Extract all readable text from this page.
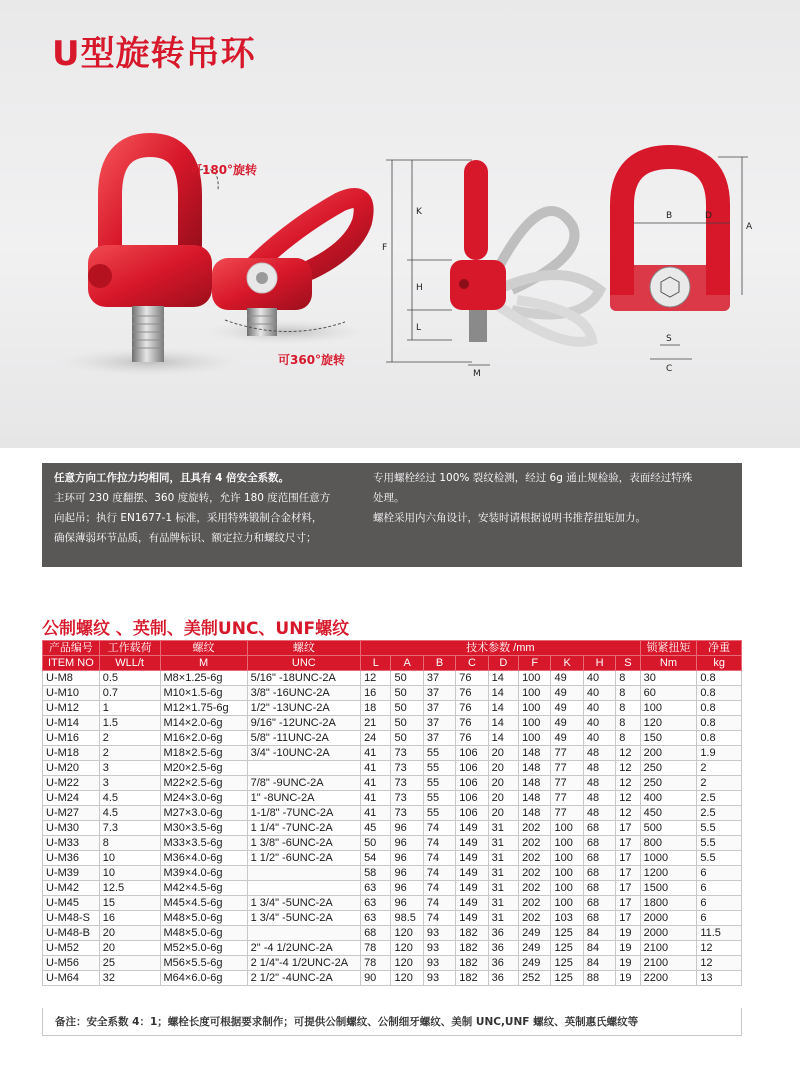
U型旋转吊环
可180°旋转
可360°旋转
K
F
H
L
M
B	D
A
S
C

任意方向工作拉力均相同，且具有 4 倍安全系数。

主环可 230 度翻摆、360 度旋转，允许 180 度范围任意方

向起吊；执行 EN1677-1 标准，采用特殊锻制合金材料，

确保薄弱环节品质，有品牌标识、额定拉力和螺纹尺寸；

专用螺栓经过 100% 裂纹检测，经过 6g 通止规检验，表面经过特殊

处理。

螺栓采用内六角设计，安装时请根据说明书推荐扭矩加力。

公制螺纹 、英制、美制UNC、UNF螺纹
产品编号	工作载荷	螺纹	螺纹	技术参数 /mm									锁紧扭矩	净重
ITEM NO	WLL/t	M	UNC	L	A	B	C	D	F	K	H	S	Nm	kg
U-M8	0.5	M8×1.25-6g	5/16" -18UNC-2A	12	50	37	76	14	100	49	40	8	30	0.8
U-M10	0.7	M10×1.5-6g	3/8" -16UNC-2A	16	50	37	76	14	100	49	40	8	60	0.8
U-M12	1	M12×1.75-6g	1/2" -13UNC-2A	18	50	37	76	14	100	49	40	8	100	0.8
U-M14	1.5	M14×2.0-6g	9/16" -12UNC-2A	21	50	37	76	14	100	49	40	8	120	0.8
U-M16	2	M16×2.0-6g	5/8" -11UNC-2A	24	50	37	76	14	100	49	40	8	150	0.8
U-M18	2	M18×2.5-6g	3/4" -10UNC-2A	41	73	55	106	20	148	77	48	12	200	1.9
U-M20	3	M20×2.5-6g		41	73	55	106	20	148	77	48	12	250	2
U-M22	3	M22×2.5-6g	7/8" -9UNC-2A	41	73	55	106	20	148	77	48	12	250	2
U-M24	4.5	M24×3.0-6g	1" -8UNC-2A	41	73	55	106	20	148	77	48	12	400	2.5
U-M27	4.5	M27×3.0-6g	1-1/8" -7UNC-2A	41	73	55	106	20	148	77	48	12	450	2.5
U-M30	7.3	M30×3.5-6g	1 1/4" -7UNC-2A	45	96	74	149	31	202	100	68	17	500	5.5
U-M33	8	M33×3.5-6g	1 3/8" -6UNC-2A	50	96	74	149	31	202	100	68	17	800	5.5
U-M36	10	M36×4.0-6g	1 1/2" -6UNC-2A	54	96	74	149	31	202	100	68	17	1000	5.5
U-M39	10	M39×4.0-6g		58	96	74	149	31	202	100	68	17	1200	6
U-M42	12.5	M42×4.5-6g		63	96	74	149	31	202	100	68	17	1500	6
U-M45	15	M45×4.5-6g	1 3/4" -5UNC-2A	63	96	74	149	31	202	100	68	17	1800	6
U-M48-S	16	M48×5.0-6g	1 3/4" -5UNC-2A	63	98.5	74	149	31	202	103	68	17	2000	6
U-M48-B	20	M48×5.0-6g		68	120	93	182	36	249	125	84	19	2000	11.5
U-M52	20	M52×5.0-6g	2" -4 1/2UNC-2A	78	120	93	182	36	249	125	84	19	2100	12
U-M56	25	M56×5.5-6g	2 1/4"-4 1/2UNC-2A	78	120	93	182	36	249	125	84	19	2100	12
U-M64	32	M64×6.0-6g	2 1/2" -4UNC-2A	90	120	93	182	36	252	125	88	19	2200	13
备注：安全系数 4：1；螺栓长度可根据要求制作；可提供公制螺纹、公制细牙螺纹、美制 UNC,UNF 螺纹、英制惠氏螺纹等
